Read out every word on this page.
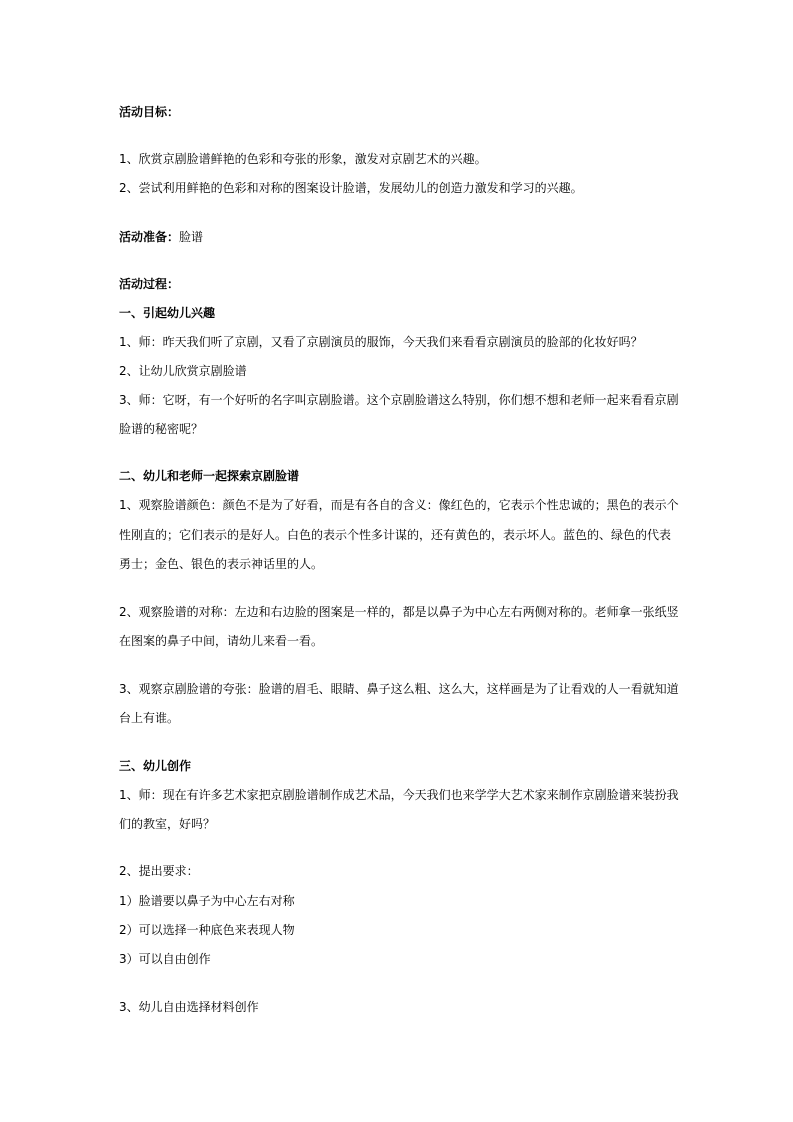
活动目标：
1、欣赏京剧脸谱鲜艳的色彩和夸张的形象，激发对京剧艺术的兴趣。
2、尝试利用鲜艳的色彩和对称的图案设计脸谱，发展幼儿的创造力激发和学习的兴趣。
活动准备：脸谱
活动过程：
一、引起幼儿兴趣
1、师：昨天我们听了京剧，又看了京剧演员的服饰，今天我们来看看京剧演员的脸部的化妆好吗？
2、让幼儿欣赏京剧脸谱
3、师：它呀，有一个好听的名字叫京剧脸谱。这个京剧脸谱这么特别，你们想不想和老师一起来看看京剧
脸谱的秘密呢？
二、幼儿和老师一起探索京剧脸谱
1、观察脸谱颜色：颜色不是为了好看，而是有各自的含义：像红色的，它表示个性忠诚的；黑色的表示个
性刚直的；它们表示的是好人。白色的表示个性多计谋的，还有黄色的，表示坏人。蓝色的、绿色的代表
勇士；金色、银色的表示神话里的人。
2、观察脸谱的对称：左边和右边脸的图案是一样的，都是以鼻子为中心左右两侧对称的。老师拿一张纸竖
在图案的鼻子中间，请幼儿来看一看。
3、观察京剧脸谱的夸张：脸谱的眉毛、眼睛、鼻子这么粗、这么大，这样画是为了让看戏的人一看就知道
台上有谁。
三、幼儿创作
1、师：现在有许多艺术家把京剧脸谱制作成艺术品，今天我们也来学学大艺术家来制作京剧脸谱来装扮我
们的教室，好吗？
2、提出要求：
1）脸谱要以鼻子为中心左右对称
2）可以选择一种底色来表现人物
3）可以自由创作
3、幼儿自由选择材料创作
